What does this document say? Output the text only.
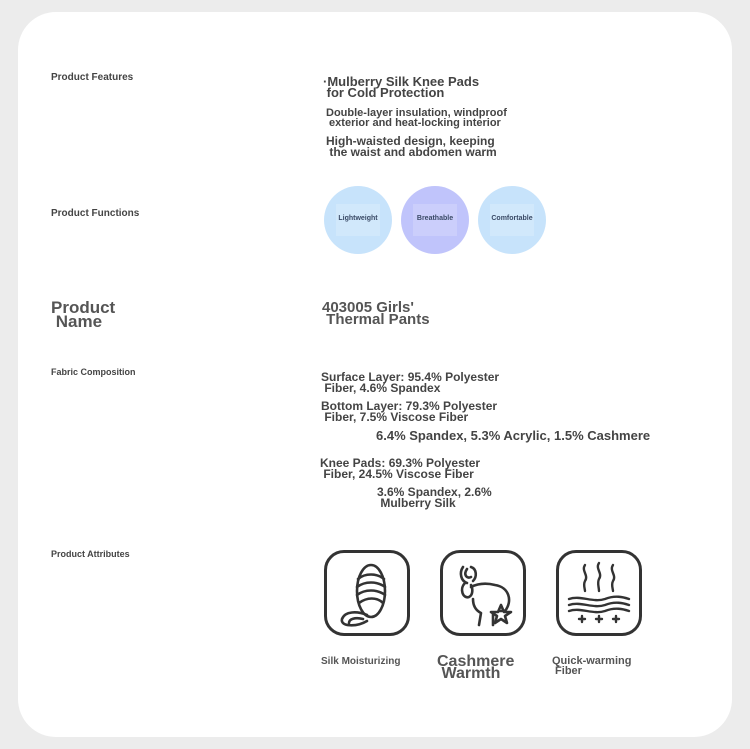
Product Features
Product Functions
Product
Name
Fabric Composition
Product Attributes
·Mulberry Silk Knee Pads
for Cold Protection
Double-layer insulation, windproof
exterior and heat-locking interior
High-waisted design, keeping
the waist and abdomen warm
Lightweight	Breathable	Comfortable
403005 Girls'
Thermal Pants
Surface Layer: 95.4% Polyester
Fiber, 4.6% Spandex
Bottom Layer: 79.3% Polyester
Fiber, 7.5% Viscose Fiber
6.4% Spandex, 5.3% Acrylic, 1.5% Cashmere
Knee Pads: 69.3% Polyester
Fiber, 24.5% Viscose Fiber
3.6% Spandex, 2.6%
Mulberry Silk
Silk Moisturizing Cashmere
Warmth
Quick-warming
Fiber
